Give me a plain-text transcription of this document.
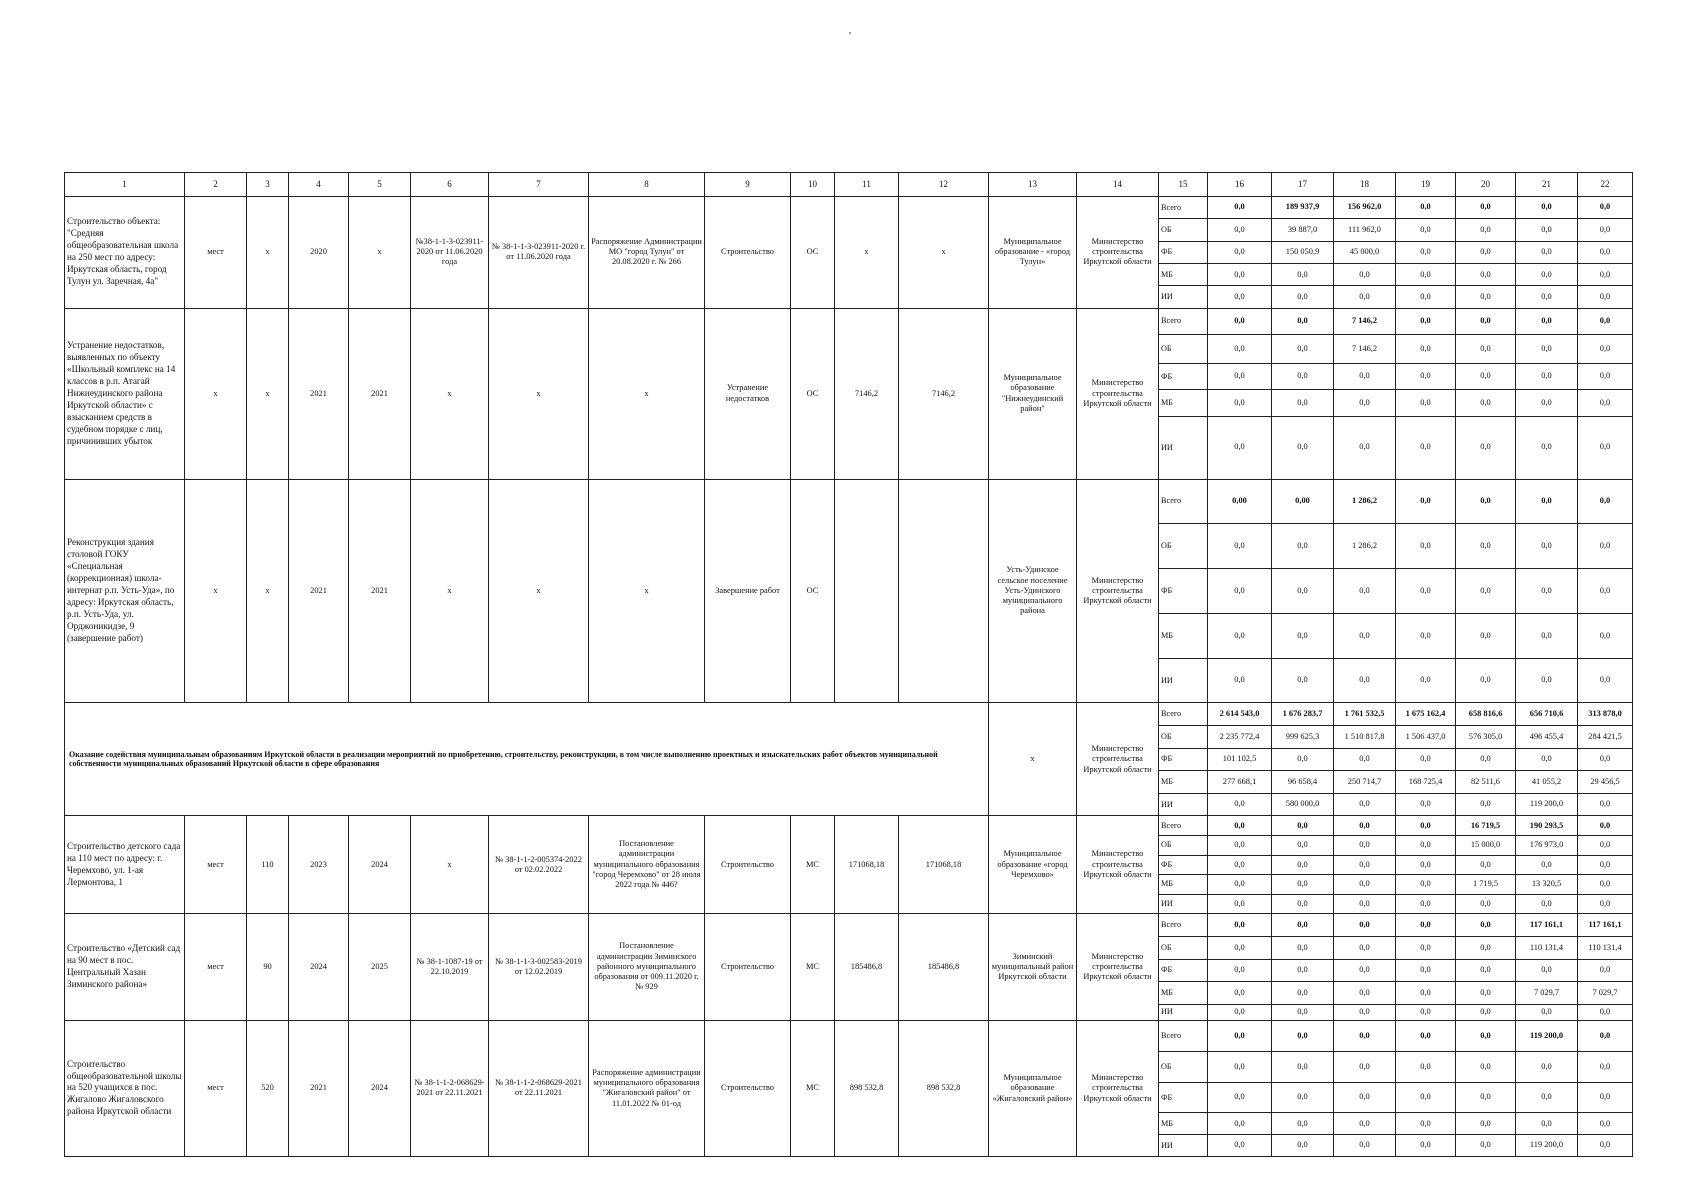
'
1	2	3	4	5	6	7	8	9	10	11	12	13	14	15	16	17	18	19	20	21	22
Строительство объекта: "Средняя общеобразовательная школа на 250 мест по адресу: Иркутская область, город Тулун ул. Заречная, 4а"	мест	x	2020	x	№38-1-1-3-023911-2020 от 11.06.2020 года	№ 38-1-1-3-023911-2020 г. от 11.06.2020 года	Распоряжение Администрации МО "город Тулун" от 20.08.2020 г. № 266	Строительство	ОС	x	x	Муниципальное образование - «город Тулун»	Министерство строительства Иркутской области	Всего	0,0	189 937,9	156 962,0	0,0	0,0	0,0	0,0
														ОБ	0,0	39 887,0	111 962,0	0,0	0,0	0,0	0,0
														ФБ	0,0	150 050,9	45 000,0	0,0	0,0	0,0	0,0
														МБ	0,0	0,0	0,0	0,0	0,0	0,0	0,0
														ИИ	0,0	0,0	0,0	0,0	0,0	0,0	0,0
Устранение недостатков, выявленных по объекту «Школьный комплекс на 14 классов в р.п. Атагай Нижнеудинского района Иркутской области» с взысканием средств в судебном порядке с лиц, причинивших убыток	x	x	2021	2021	x	x	x	Устранение недостатков	ОС	7146,2	7146,2	Муниципальное образование "Нижнеудинский район"	Министерство строительства Иркутской области	Всего	0,0	0,0	7 146,2	0,0	0,0	0,0	0,0
														ОБ	0,0	0,0	7 146,2	0,0	0,0	0,0	0,0
														ФБ	0,0	0,0	0,0	0,0	0,0	0,0	0,0
														МБ	0,0	0,0	0,0	0,0	0,0	0,0	0,0
														ИИ	0,0	0,0	0,0	0,0	0,0	0,0	0,0
Реконструкция здания столовой ГОКУ «Специальная (коррекционная) школа-интернат р.п. Усть-Уда», по адресу: Иркутская область, р.п. Усть-Уда, ул. Орджоникидзе, 9 (завершение работ)	x	x	2021	2021	x	x	x	Завершение работ	ОС			Усть-Удинское сельское поселение Усть-Удинского муниципального района	Министерство строительства Иркутской области	Всего	0,00	0,00	1 286,2	0,0	0,0	0,0	0,0
														ОБ	0,0	0,0	1 286,2	0,0	0,0	0,0	0,0
														ФБ	0,0	0,0	0,0	0,0	0,0	0,0	0,0
														МБ	0,0	0,0	0,0	0,0	0,0	0,0	0,0
														ИИ	0,0	0,0	0,0	0,0	0,0	0,0	0,0
Оказание содействия муниципальным образованиям Иркутской области в реализации мероприятий по приобретению, строительству, реконструкции, в том числе выполнению проектных и изыскательских работ объектов муниципальной собственности муниципальных образований Иркутской области в сфере образования												x	Министерство строительства Иркутской области	Всего	2 614 543,0	1 676 283,7	1 761 532,5	1 675 162,4	658 816,6	656 710,6	313 878,0
														ОБ	2 235 772,4	999 625,3	1 510 817,8	1 506 437,0	576 305,0	496 455,4	284 421,5
														ФБ	101 102,5	0,0	0,0	0,0	0,0	0,0	0,0
														МБ	277 668,1	96 658,4	250 714,7	168 725,4	82 511,6	41 055,2	29 456,5
														ИИ	0,0	580 000,0	0,0	0,0	0,0	119 200,0	0,0
Строительство детского сада на 110 мест по адресу: г. Черемхово, ул. 1-ая Лермонтова, 1	мест	110	2023	2024	x	№ 38-1-1-2-005374-2022 от 02.02.2022	Постановление администрации муниципального образования "город Черемхово" от 28 июля 2022 года № 446?	Строительство	МС	171068,18	171068,18	Муниципальное образование «город Черемхово»	Министерство строительства Иркутской области	Всего	0,0	0,0	0,0	0,0	16 719,5	190 293,5	0,0
														ОБ	0,0	0,0	0,0	0,0	15 000,0	176 973,0	0,0
														ФБ	0,0	0,0	0,0	0,0	0,0	0,0	0,0
														МБ	0,0	0,0	0,0	0,0	1 719,5	13 320,5	0,0
														ИИ	0,0	0,0	0,0	0,0	0,0	0,0	0,0
Строительство «Детский сад на 90 мест в пос. Центральный Хазан Зиминского района»	мест	90	2024	2025	№ 38-1-1087-19 от 22.10.2019	№ 38-1-1-3-002583-2019 от 12.02.2019	Постановление администрации Зиминского районного муниципального образования от 009.11.2020 г. № 929	Строительство	МС	185486,8	185486,8	Зиминский муниципальный район Иркутской области	Министерство строительства Иркутской области	Всего	0,0	0,0	0,0	0,0	0,0	117 161,1	117 161,1
														ОБ	0,0	0,0	0,0	0,0	0,0	110 131,4	110 131,4
														ФБ	0,0	0,0	0,0	0,0	0,0	0,0	0,0
														МБ	0,0	0,0	0,0	0,0	0,0	7 029,7	7 029,7
														ИИ	0,0	0,0	0,0	0,0	0,0	0,0	0,0
Строительство общеобразовательной школы на 520 учащихся в пос. Жигалово Жигаловского района Иркутской области	мест	520	2021	2024	№ 38-1-1-2-068629-2021 от 22.11.2021	№ 38-1-1-2-068629-2021 от 22.11.2021	Распоряжение администрации муниципального образования "Жигаловский район" от 11.01.2022 № 01-од	Строительство	МС	898 532,8	898 532,8	Муниципальное образование «Жигаловский район»	Министерство строительства Иркутской области	Всего	0,0	0,0	0,0	0,0	0,0	119 200,0	0,0
														ОБ	0,0	0,0	0,0	0,0	0,0	0,0	0,0
														ФБ	0,0	0,0	0,0	0,0	0,0	0,0	0,0
														МБ	0,0	0,0	0,0	0,0	0,0	0,0	0,0
														ИИ	0,0	0,0	0,0	0,0	0,0	119 200,0	0,0
